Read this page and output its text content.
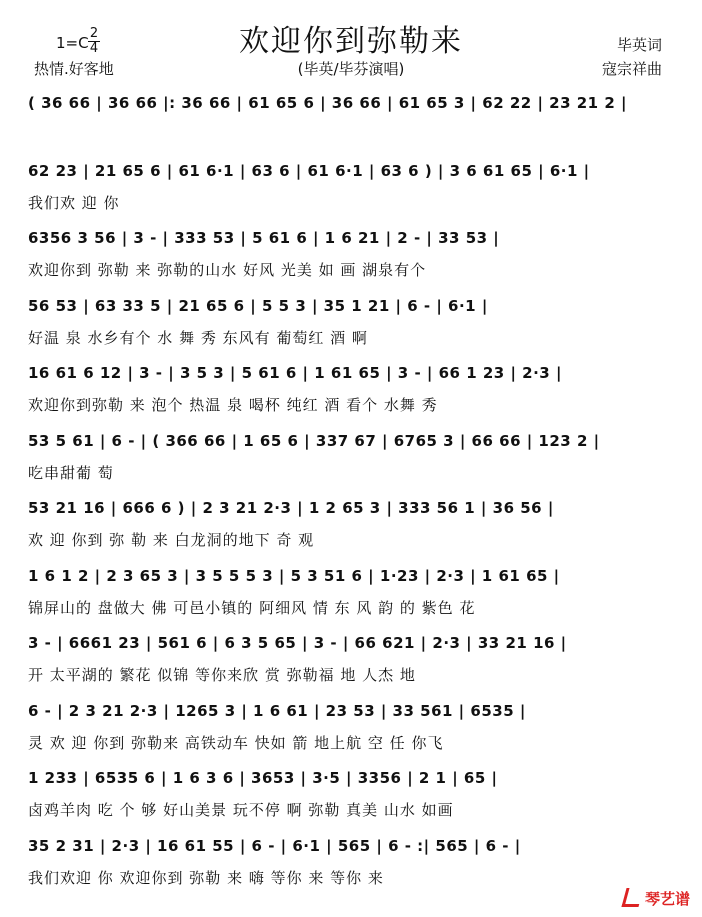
欢迎你到弥勒来
1=C
2
4
热情.好客地	(毕英/毕芬演唱)
毕英词
寇宗祥曲
( 36 66 | 36 66 |: 36 66 | 61 65 6 | 36 66 | 61 65 3 | 62 22 | 23 21 2 |
62 23 | 21 65 6 | 61 6·1 | 63 6 | 61 6·1 | 63 6 ) | 3 6 61 65 | 6·1 |
我们欢 迎 你
6356 3 56 | 3 - | 333 53 | 5 61 6 | 1 6 21 | 2 - | 33 53 |
欢迎你到 弥勒 来 弥勒的山水 好风 光美 如 画 湖泉有个
56 53 | 63 33 5 | 21 65 6 | 5 5 3 | 35 1 21 | 6 - | 6·1 |
好温 泉 水乡有个 水 舞 秀 东风有 葡萄红 酒 啊
16 61 6 12 | 3 - | 3 5 3 | 5 61 6 | 1 61 65 | 3 - | 66 1 23 | 2·3 |
欢迎你到弥勒 来 泡个 热温 泉 喝杯 纯红 酒 看个 水舞 秀
53 5 61 | 6 - | ( 366 66 | 1 65 6 | 337 67 | 6765 3 | 66 66 | 123 2 |
吃串甜葡 萄
53 21 16 | 666 6 ) | 2 3 21 2·3 | 1 2 65 3 | 333 56 1 | 36 56 |
欢 迎 你到 弥 勒 来 白龙洞的地下 奇 观
1 6 1 2 | 2 3 65 3 | 3 5 5 5 3 | 5 3 51 6 | 1·23 | 2·3 | 1 61 65 |
锦屏山的 盘做大 佛 可邑小镇的 阿细风 情 东 风 韵 的 紫色 花
3 - | 6661 23 | 561 6 | 6 3 5 65 | 3 - | 66 621 | 2·3 | 33 21 16 |
开 太平湖的 繁花 似锦 等你来欣 赏 弥勒福 地 人杰 地
6 - | 2 3 21 2·3 | 1265 3 | 1 6 61 | 23 53 | 33 561 | 6535 |
灵 欢 迎 你到 弥勒来 高铁动车 快如 箭 地上航 空 任 你飞
1 233 | 6535 6 | 1 6 3 6 | 3653 | 3·5 | 3356 | 2 1 | 65 |
卤鸡羊肉 吃 个 够 好山美景 玩不停 啊 弥勒 真美 山水 如画
35 2 31 | 2·3 | 16 61 55 | 6 - | 6·1 | 565 | 6 - :| 565 | 6 - |
我们欢迎 你 欢迎你到 弥勒 来 嗨 等你 来 等你 来
琴艺谱
